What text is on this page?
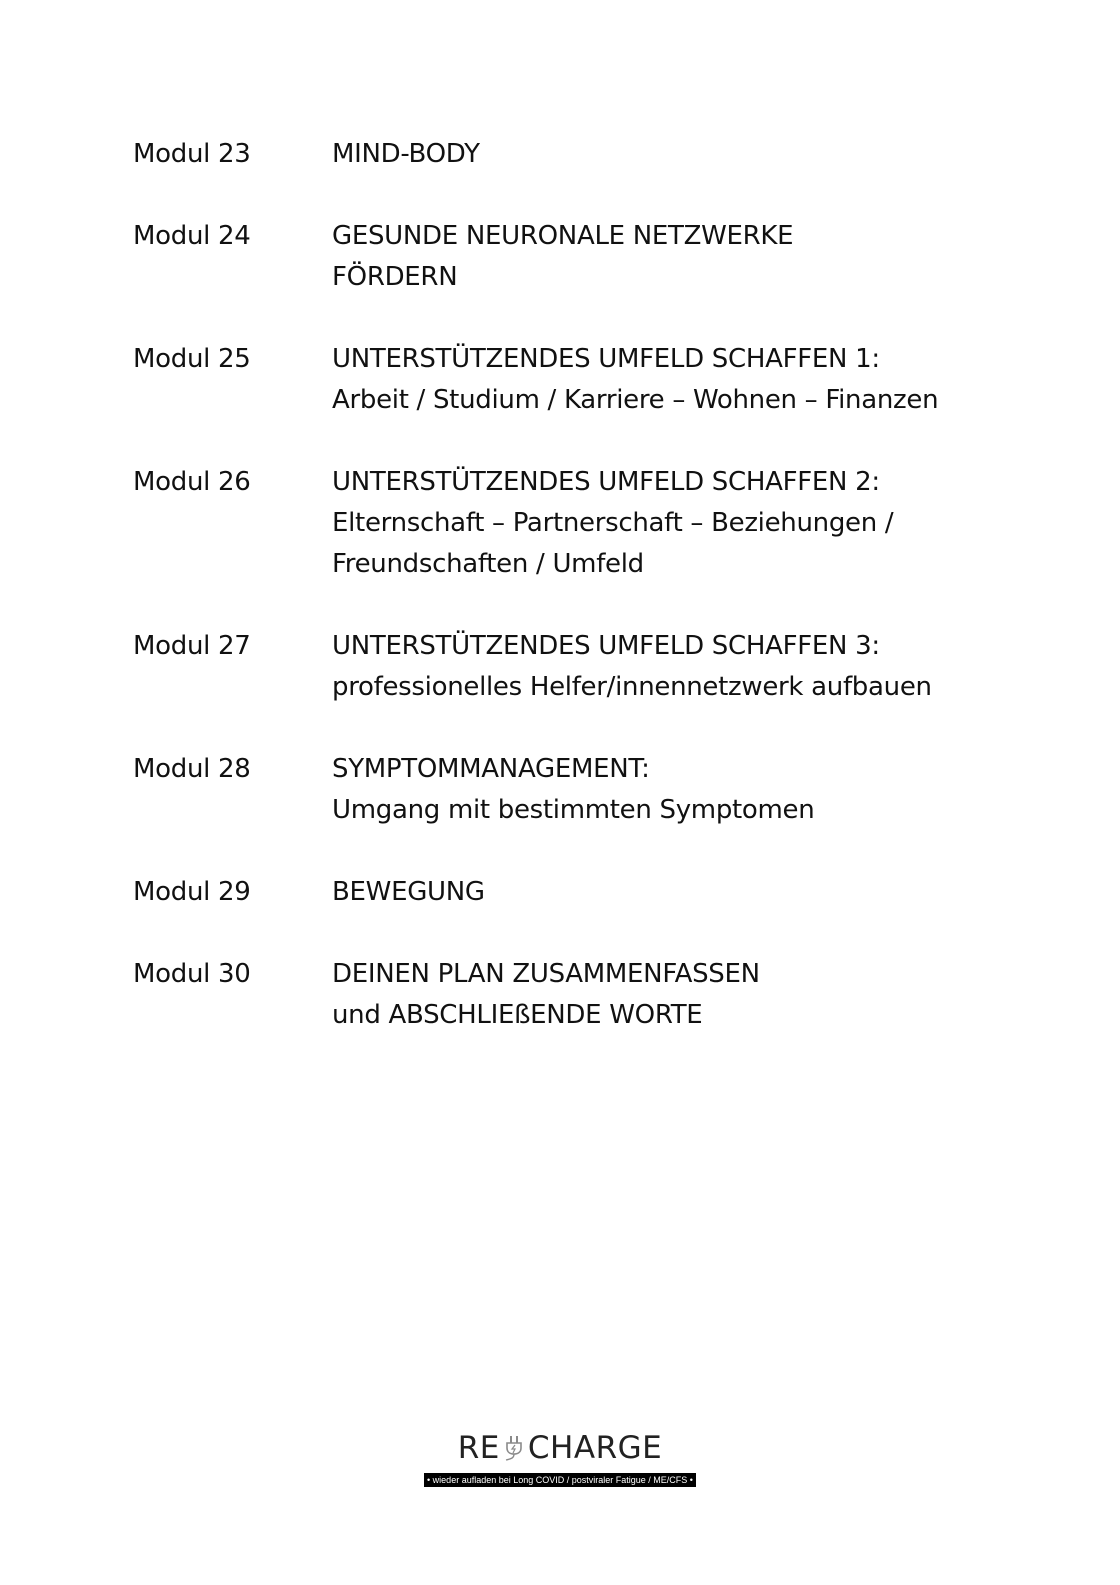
Modul 23	MIND-BODY
Modul 24	GESUNDE NEURONALE NETZWERKE
FÖRDERN
Modul 25	UNTERSTÜTZENDES UMFELD SCHAFFEN 1:
Arbeit / Studium / Karriere – Wohnen – Finanzen
Modul 26	UNTERSTÜTZENDES UMFELD SCHAFFEN 2:
Elternschaft – Partnerschaft – Beziehungen /
Freundschaften / Umfeld
Modul 27	UNTERSTÜTZENDES UMFELD SCHAFFEN 3:
professionelles Helfer/innennetzwerk aufbauen
Modul 28	SYMPTOMMANAGEMENT:
Umgang mit bestimmten Symptomen
Modul 29	BEWEGUNG
Modul 30	DEINEN PLAN ZUSAMMENFASSEN
und ABSCHLIEßENDE WORTE
RE CHARGE
• wieder aufladen bei Long COVID / postviraler Fatigue / ME/CFS •
